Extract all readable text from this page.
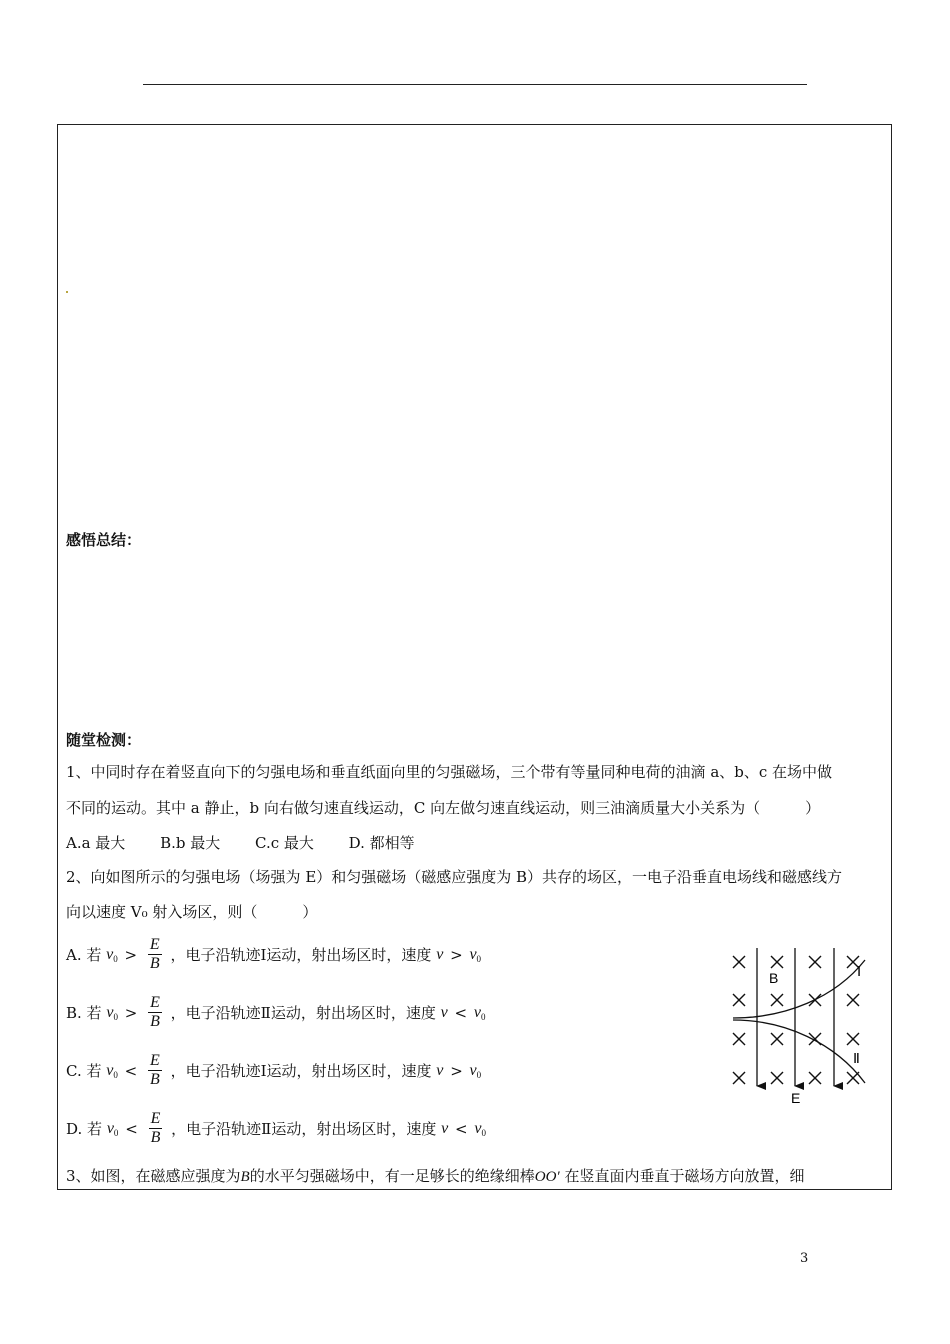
感悟总结：
随堂检测：
1、中同时存在着竖直向下的匀强电场和垂直纸面向里的匀强磁场，三个带有等量同种电荷的油滴 a、b、c 在场中做
不同的运动。其中 a 静止，b 向右做匀速直线运动，C 向左做匀速直线运动，则三油滴质量大小关系为（　　　）
A.a 最大　　 B.b 最大　　 C.c 最大　　 D. 都相等
2、向如图所示的匀强电场（场强为 E）和匀强磁场（磁感应强度为 B）共存的场区，一电子沿垂直电场线和磁感线方
向以速度 V₀ 射入场区，则（　　　）
A. 若 $v_0 > \frac{E}{B}$ ，电子沿轨迹Ⅰ运动，射出场区时，速度 $v > v_0$
B. 若 $v_0 > \frac{E}{B}$ ，电子沿轨迹Ⅱ运动，射出场区时，速度 $v < v_0$
C. 若 $v_0 < \frac{E}{B}$ ，电子沿轨迹Ⅰ运动，射出场区时，速度 $v > v_0$
D. 若 $v_0 < \frac{E}{B}$ ，电子沿轨迹Ⅱ运动，射出场区时，速度 $v < v_0$
B
E
Ⅰ
Ⅱ
3、如图，在磁感应强度为B的水平匀强磁场中，有一足够长的绝缘细棒OO′ 在竖直面内垂直于磁场方向放置，细
3
